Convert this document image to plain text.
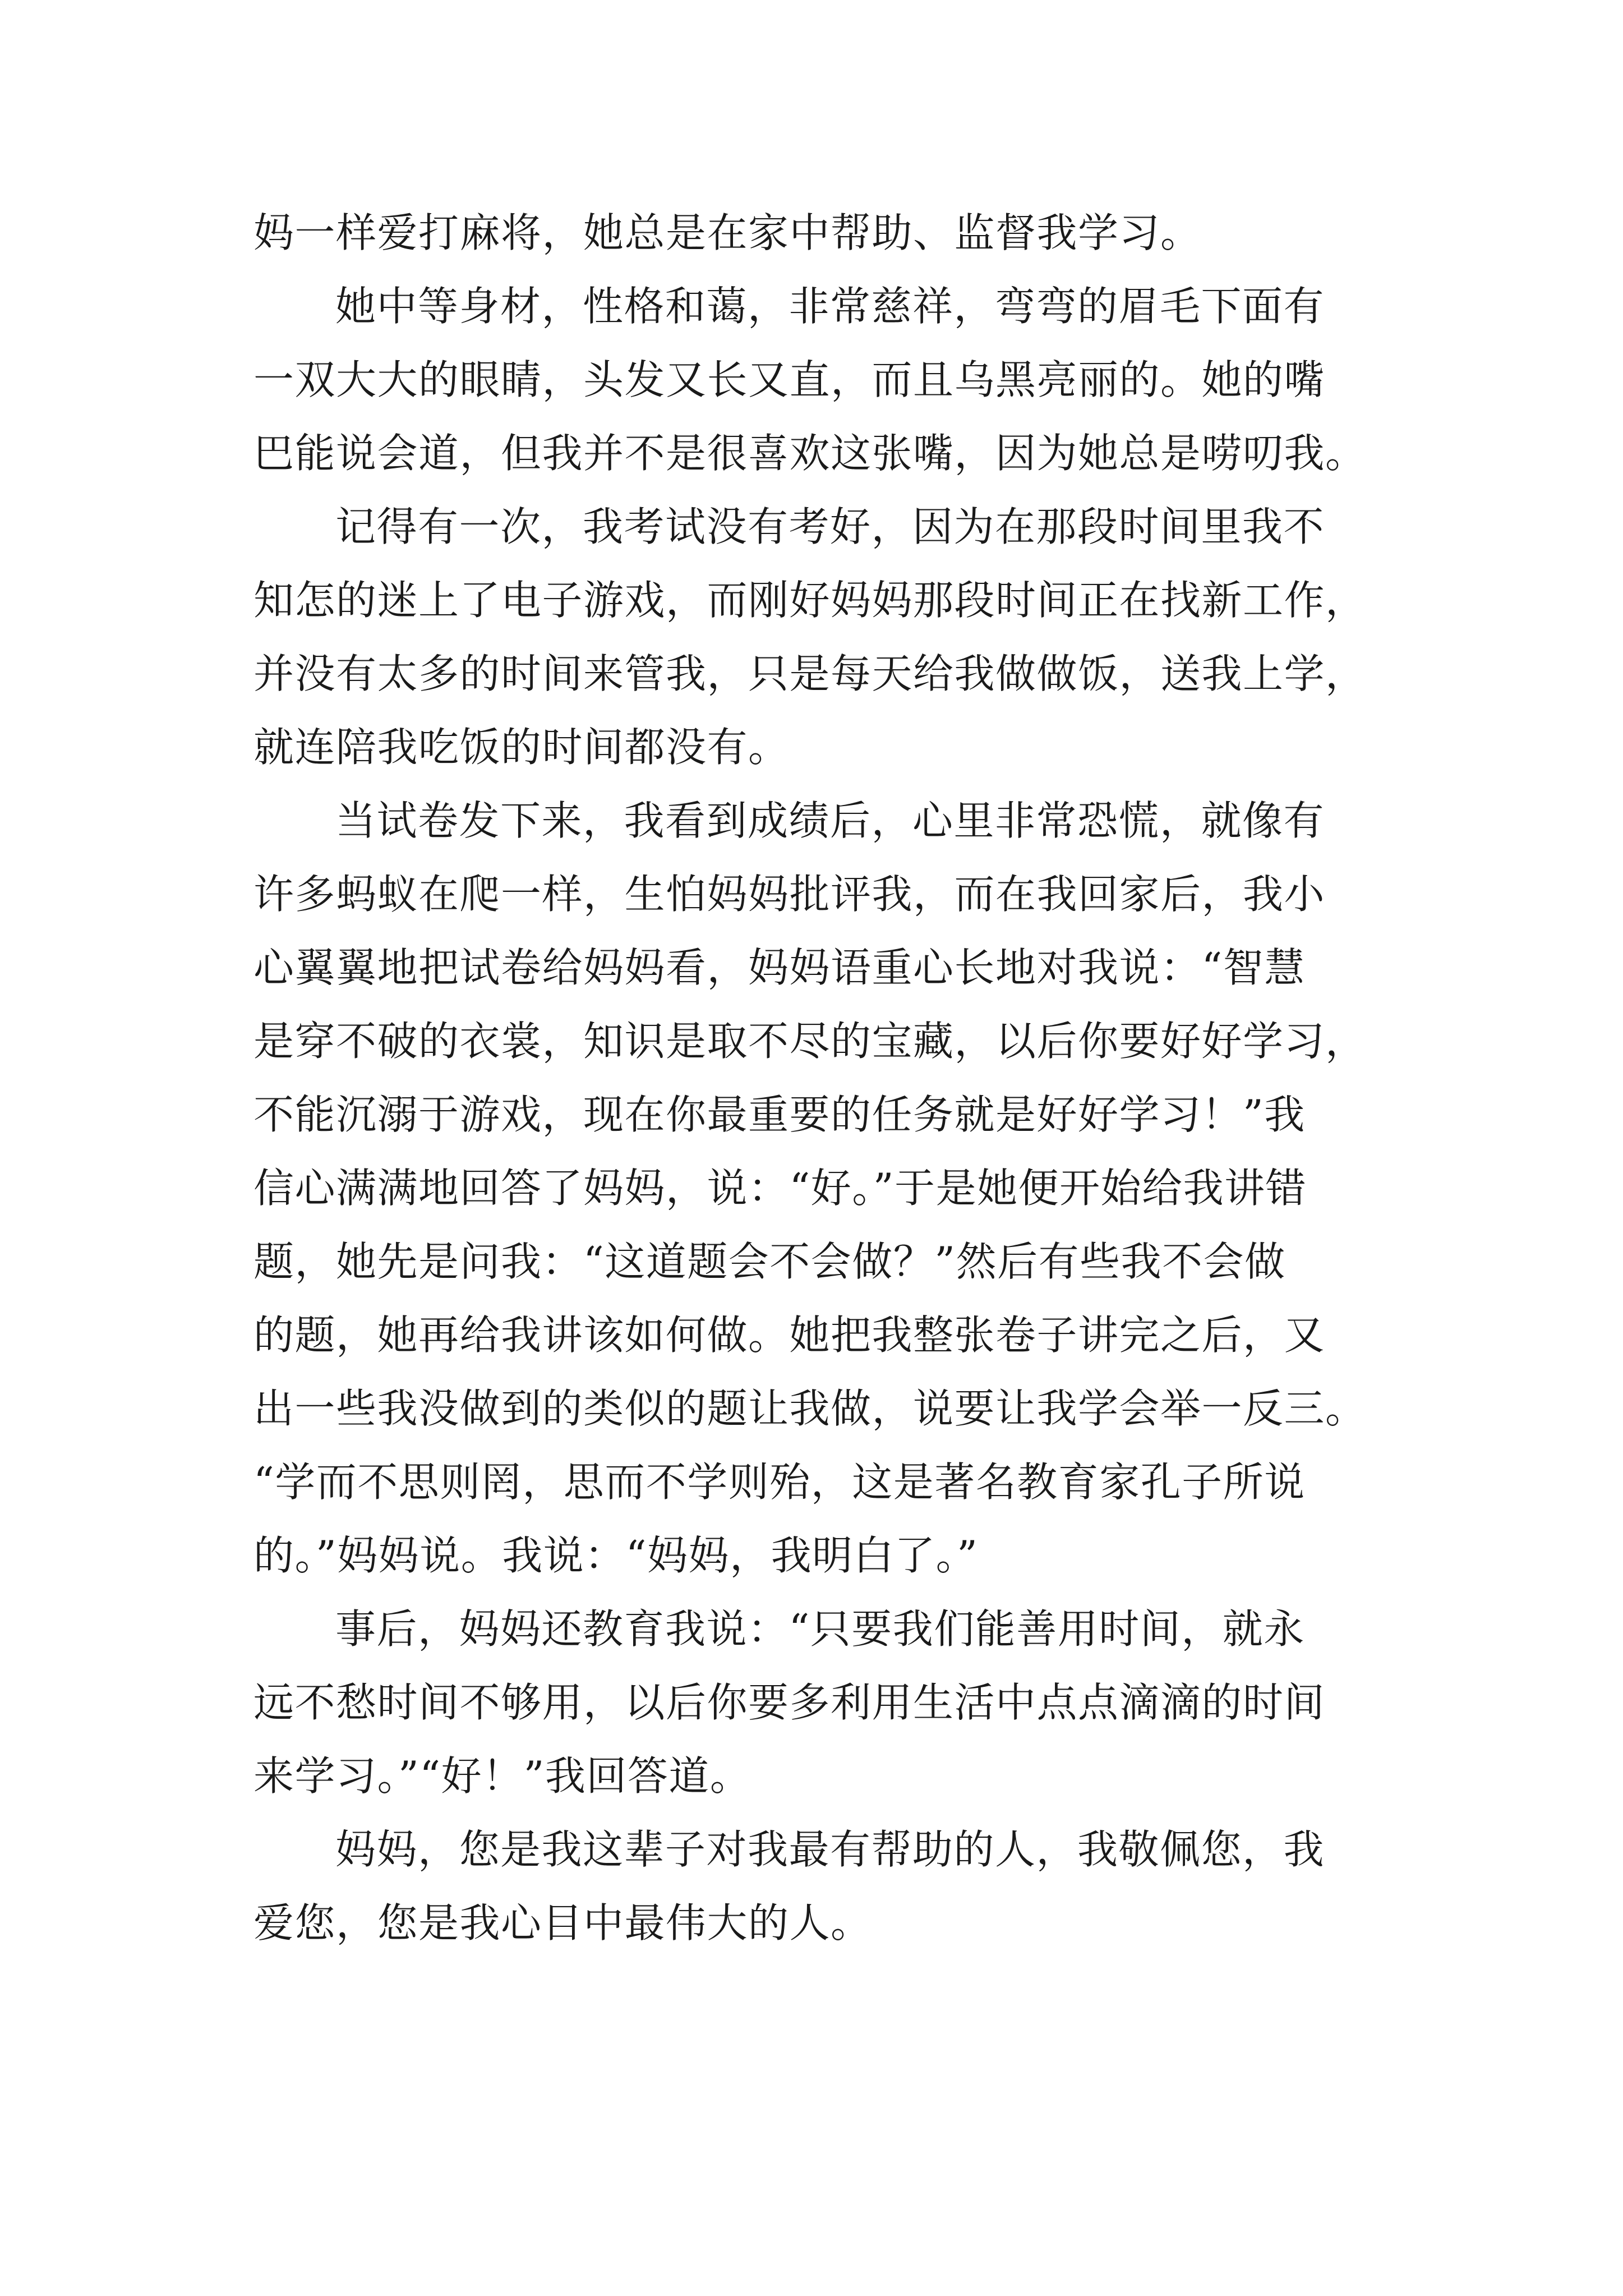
妈一样爱打麻将，她总是在家中帮助、监督我学习。
她中等身材，性格和蔼，非常慈祥，弯弯的眉毛下面有
一双大大的眼睛，头发又长又直，而且乌黑亮丽的。她的嘴
巴能说会道，但我并不是很喜欢这张嘴，因为她总是唠叨我。
记得有一次，我考试没有考好，因为在那段时间里我不
知怎的迷上了电子游戏，而刚好妈妈那段时间正在找新工作，
并没有太多的时间来管我，只是每天给我做做饭，送我上学，
就连陪我吃饭的时间都没有。
当试卷发下来，我看到成绩后，心里非常恐慌，就像有
许多蚂蚁在爬一样，生怕妈妈批评我，而在我回家后，我小
心翼翼地把试卷给妈妈看，妈妈语重心长地对我说：“智慧
是穿不破的衣裳，知识是取不尽的宝藏，以后你要好好学习，
不能沉溺于游戏，现在你最重要的任务就是好好学习！”我
信心满满地回答了妈妈，说：“好。”于是她便开始给我讲错
题，她先是问我：“这道题会不会做？”然后有些我不会做
的题，她再给我讲该如何做。她把我整张卷子讲完之后，又
出一些我没做到的类似的题让我做，说要让我学会举一反三。
“学而不思则罔，思而不学则殆，这是著名教育家孔子所说
的。”妈妈说。我说：“妈妈，我明白了。”
事后，妈妈还教育我说：“只要我们能善用时间，就永
远不愁时间不够用，以后你要多利用生活中点点滴滴的时间
来学习。”“好！”我回答道。
妈妈，您是我这辈子对我最有帮助的人，我敬佩您，我
爱您，您是我心目中最伟大的人。
